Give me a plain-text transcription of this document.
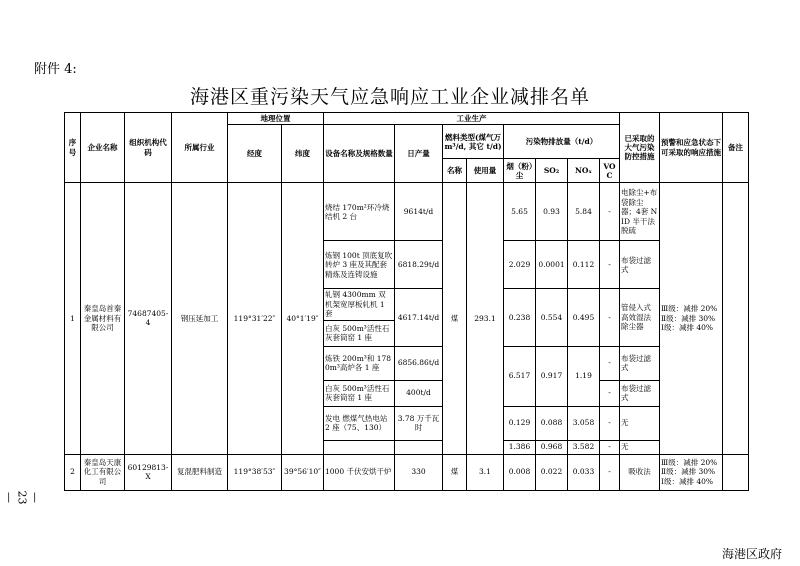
附件 4:
海港区重污染天气应急响应工业企业减排名单
— 23 —
海港区政府
序号	企业名称	组织机构代码	所属行业	地理位置		工业生产								已采取的大气污染防控措施	预警和应急状态下可采取的响应措施	备注
				经度	纬度	设备名称及规格数量	日产量	燃料类型(煤气万 m³/d, 其它 t/d)		污染物排放量（t/d）						
								名称	使用量	烟（粉）尘	SO₂	NOₓ	VOC			
1	秦皇岛首秦金属材料有限公司	74687405-4	钢压延加工	119°31′22″	40°1′19″	烧结 170m²环冷烧结机 2 台	9614t/d	煤	293.1	5.65	0.93	5.84	-	电除尘+布袋除尘器；4套 NID 半干法脱硫	Ⅲ级：减排 20%
Ⅱ级：减排 30%
Ⅰ级：减排 40%	

						炼钢 100t 顶底复吹转炉 3 座及其配套精炼及连铸设施	6818.29t/d			2.029	0.0001	0.112	-	布袋过滤式		
						轧钢 4300mm 双机架宽厚板轧机 1 套	4617.14t/d			0.238	0.554	0.495	-	管侵入式高效湿法除尘器		
						白灰 500m³活性石灰套筒窑 1 座										
						炼铁 200m³和 1780m³高炉各 1 座	6856.86t/d			6.517	0.917	1.19	-	布袋过滤式		
						白灰 500m³活性石灰套筒窑 1 座	400t/d						-	布袋过滤式		
						发电 燃煤气热电站 2 座（75、130）	3.78 万千瓦时			0.129	0.088	3.058	-	无		
										1.386	0.968	3.582	-	无		
2	秦皇岛天康化工有限公司	60129813-X	复混肥料制造	119°38′53″	39°56′10″	1000 千伏安烘干炉	330	煤	3.1	0.008	0.022	0.033	-	吸收法	Ⅲ级：减排 20%
Ⅱ级：减排 30%
Ⅰ级：减排 40%	
